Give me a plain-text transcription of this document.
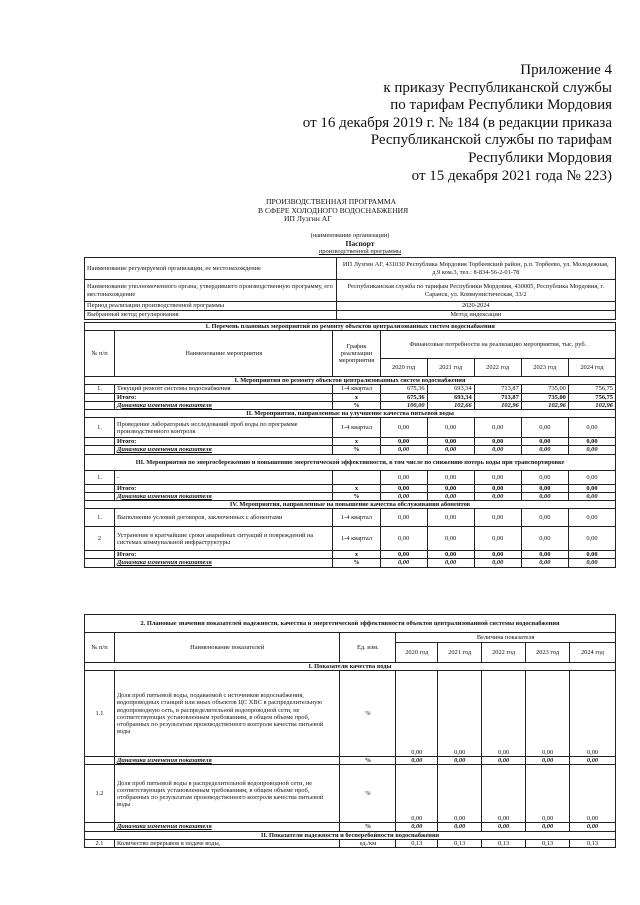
Приложение 4
к приказу Республиканской службы
по тарифам Республики Мордовия
от 16 декабря 2019 г. № 184 (в редакции приказа
Республиканской службы по тарифам
Республики Мордовия
от 15 декабря 2021 года № 223)
ПРОИЗВОДСТВЕННАЯ ПРОГРАММА
В СФЕРЕ ХОЛОДНОГО ВОДОСНАБЖЕНИЯ
ИП Лузгин АГ
(наименование организации)
Паспорт
производственной программы
Наименование регулируемой организации, ее местонахождение	ИП Лузгин АГ, 431030 Республика Мордовия Торбеевский район, р.п. Торбеево, ул. Молодежная, д.9 ком.3, тел.: 8-834-56-2-01-78
Наименование уполномоченного органа, утвердившего производственную программу, его местонахождение	Республиканская служба по тарифам Республики Мордовия, 430005, Республика Мордовия, г. Саранск, ул. Коммунистическая, 33/2
Период реализации производственной программы	2020-2024
Выбранный метод регулирования	Метод индексации
1. Перечень плановых мероприятий по ремонту объектов централизованных систем водоснабжения							
№ п/п	Наименование мероприятия	График реализации мероприятия	Финансовые потребности на реализацию мероприятия, тыс. руб.				
			2020 год	2021 год	2022 год	2023 год	2024 год
I. Мероприятия по ремонту объектов централизованных систем водоснабжения							
1.	Текущий ремонт системы водоснабжения	1-4 квартал	675,36	693,34	713,87	735,00	756,75
	Итого:	х	675,36	693,34	713,87	735,00	756,75
	Динамика изменения показателя	%	100,00	102,66	102,96	102,96	102,96
II. Мероприятия, направленные на улучшение качества питьевой воды							
1.	Проведение лабораторных исследований проб воды по программе производственного контроля	1-4 квартал	0,00	0,00	0,00	0,00	0,00
	Итого:	х	0,00	0,00	0,00	0,00	0,00
	Динамика изменения показателя	%	0,00	0,00	0,00	0,00	0,00
III. Мероприятия по энергосбережению и повышению энергетической эффективности, в том числе по снижению потерь воды при транспортировке							
1.	-		0,00	0,00	0,00	0,00	0,00
	Итого:	х	0,00	0,00	0,00	0,00	0,00
	Динамика изменения показателя	%	0,00	0,00	0,00	0,00	0,00
IV. Мероприятия, направленные на повышение качества обслуживания абонентов							
1.	Выполнение условий договоров, заключенных с абонентами	1-4 квартал	0,00	0,00	0,00	0,00	0,00
2	Устранение в кратчайшие сроки аварийных ситуаций и повреждений на системах коммунальной инфраструктуры	1-4 квартал	0,00	0,00	0,00	0,00	0,00
	Итого:	х	0,00	0,00	0,00	0,00	0,00
	Динамика изменения показателя	%	0,00	0,00	0,00	0,00	0,00
2. Плановые значения показателей надежности, качества и энергетической эффективности объектов централизованной системы водоснабжения							
№ п/п	Наименование показателей	Ед. изм.	Величина показателя				
			2020 год	2021 год	2022 год	2023 год	2024 год
I. Показатели качества воды							
1.1	Доля проб питьевой воды, подаваемой с источников водоснабжения, водопроводных станций или иных объектов ЦС ХВС в распределительную водопроводную сеть, в распределительной водопроводной сети, не соответствующих установленным требованиям, в общем объеме проб, отобранных по результатам производственного контроля качества питьевой воды	%	0,00	0,00	0,00	0,00	0,00
	Динамика изменения показателя	%	0,00	0,00	0,00	0,00	0,00
1.2	Доля проб питьевой воды в распределительной водопроводной сети, не соответствующих установленным требованиям, в общем объеме проб, отобранных по результатам производственного контроля качества питьевой воды	%	0,00	0,00	0,00	0,00	0,00
	Динамика изменения показателя	%	0,00	0,00	0,00	0,00	0,00
II. Показатели надежности и бесперебойности водоснабжения							
2.1	Количество перерывов в подаче воды,	ед./км	0,13	0,13	0,13	0,13	0,13
